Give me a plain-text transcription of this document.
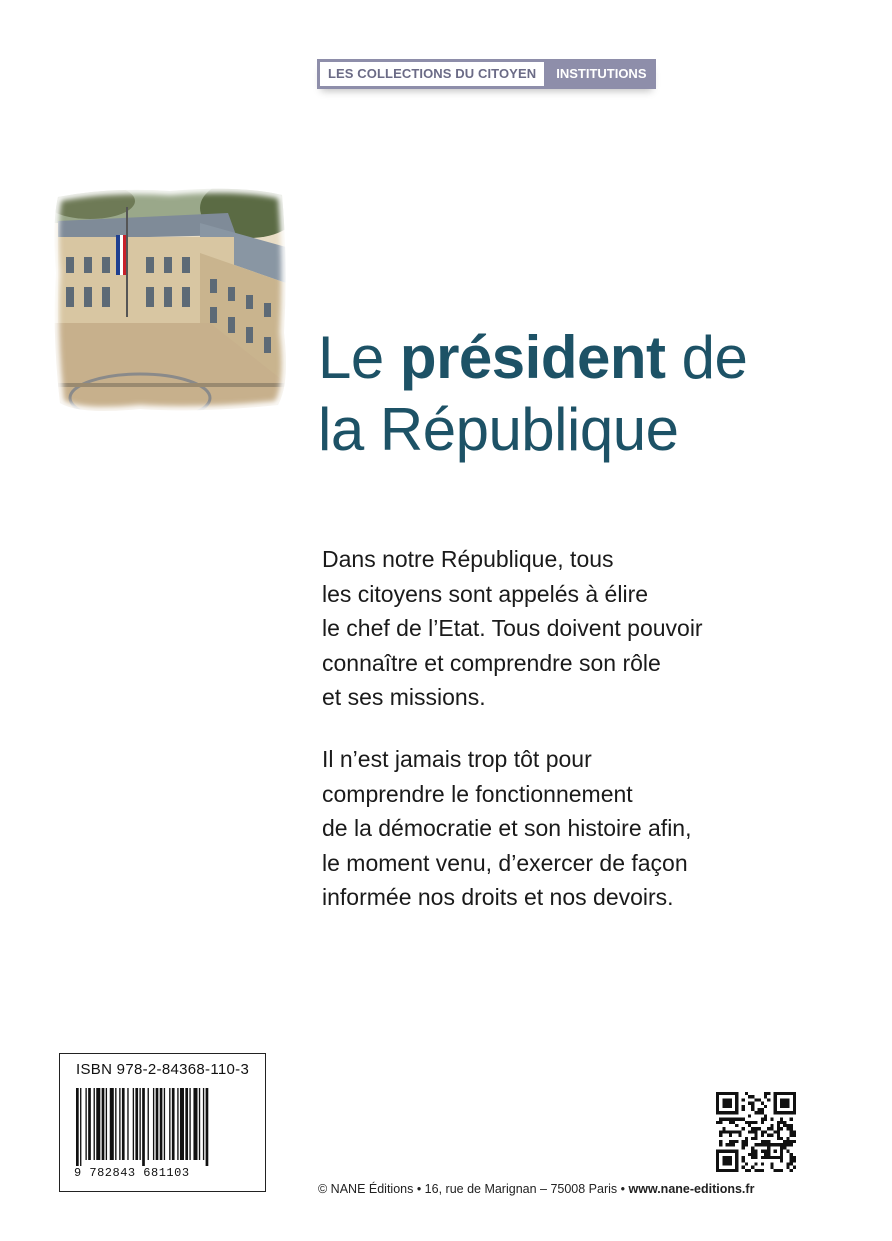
LES COLLECTIONS DU CITOYEN	INSTITUTIONS
Le président de
la République
Dans notre République, tous
les citoyens sont appelés à élire
le chef de l’Etat. Tous doivent pouvoir
connaître et comprendre son rôle
et ses missions.
Il n’est jamais trop tôt pour
comprendre le fonctionnement
de la démocratie et son histoire afin,
le moment venu, d’exercer de façon
informée nos droits et nos devoirs.
ISBN 978-2-84368-110-3
9 782843 681103
© NANE Éditions • 16, rue de Marignan – 75008 Paris • www.nane-editions.fr
